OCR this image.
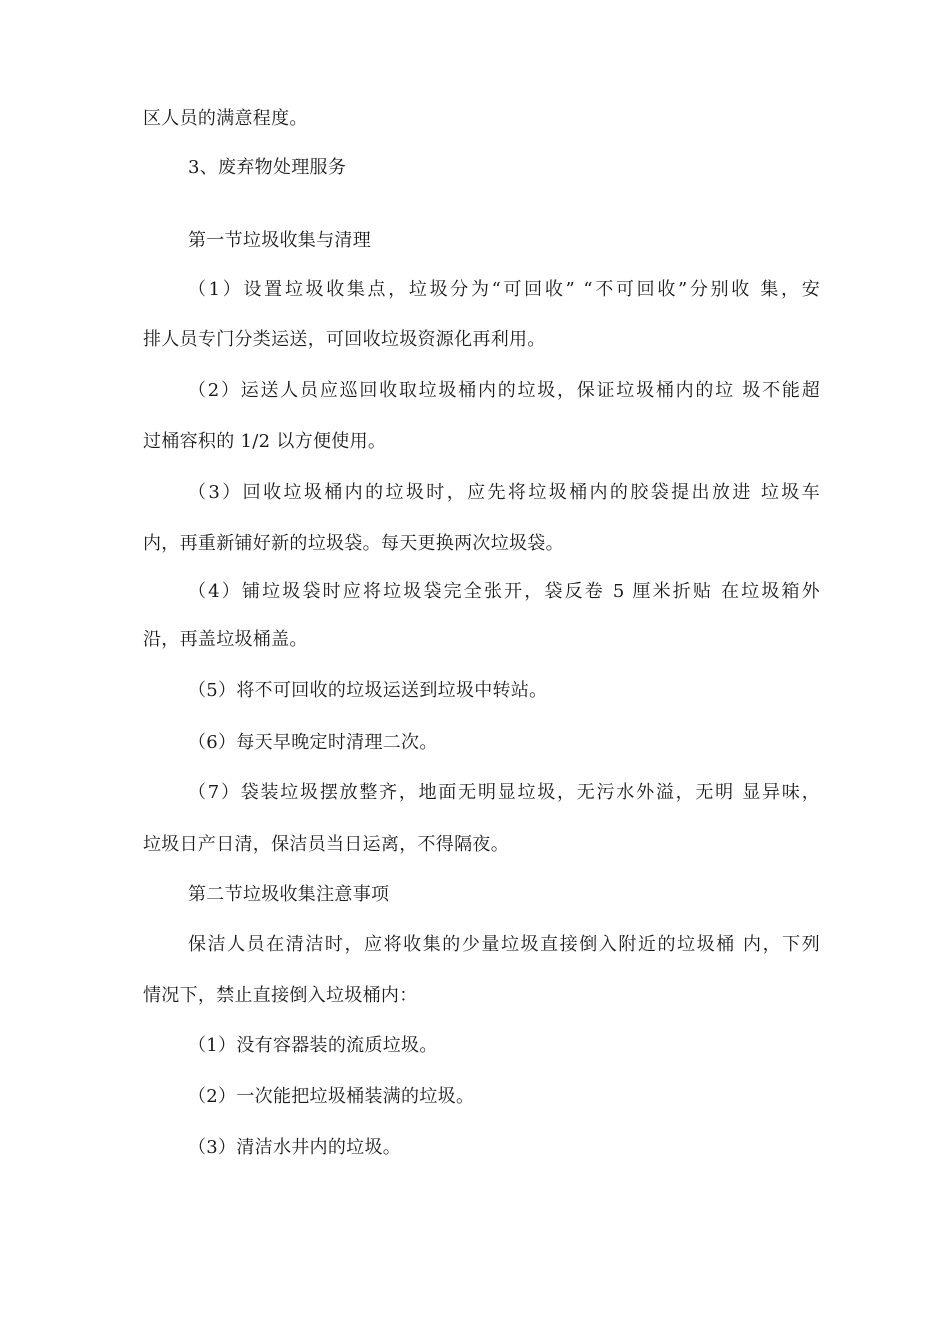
区人员的满意程度。
3、废弃物处理服务
第一节垃圾收集与清理
（1）设置垃圾收集点，垃圾分为“可回收” “不可回收”分别收 集，安
排人员专门分类运送，可回收垃圾资源化再利用。
（2）运送人员应巡回收取垃圾桶内的垃圾，保证垃圾桶内的垃 圾不能超
过桶容积的 1/2 以方便使用。
（3）回收垃圾桶内的垃圾时，应先将垃圾桶内的胶袋提出放进 垃圾车
内，再重新铺好新的垃圾袋。每天更换两次垃圾袋。
（4）铺垃圾袋时应将垃圾袋完全张开，袋反卷 5 厘米折贴 在垃圾箱外
沿，再盖垃圾桶盖。
（5）将不可回收的垃圾运送到垃圾中转站。
（6）每天早晚定时清理二次。
（7）袋装垃圾摆放整齐，地面无明显垃圾，无污水外溢，无明 显异味，
垃圾日产日清，保洁员当日运离，不得隔夜。
第二节垃圾收集注意事项
保洁人员在清洁时，应将收集的少量垃圾直接倒入附近的垃圾桶 内，下列
情况下，禁止直接倒入垃圾桶内：
（1）没有容器装的流质垃圾。
（2）一次能把垃圾桶装满的垃圾。
（3）清洁水井内的垃圾。
